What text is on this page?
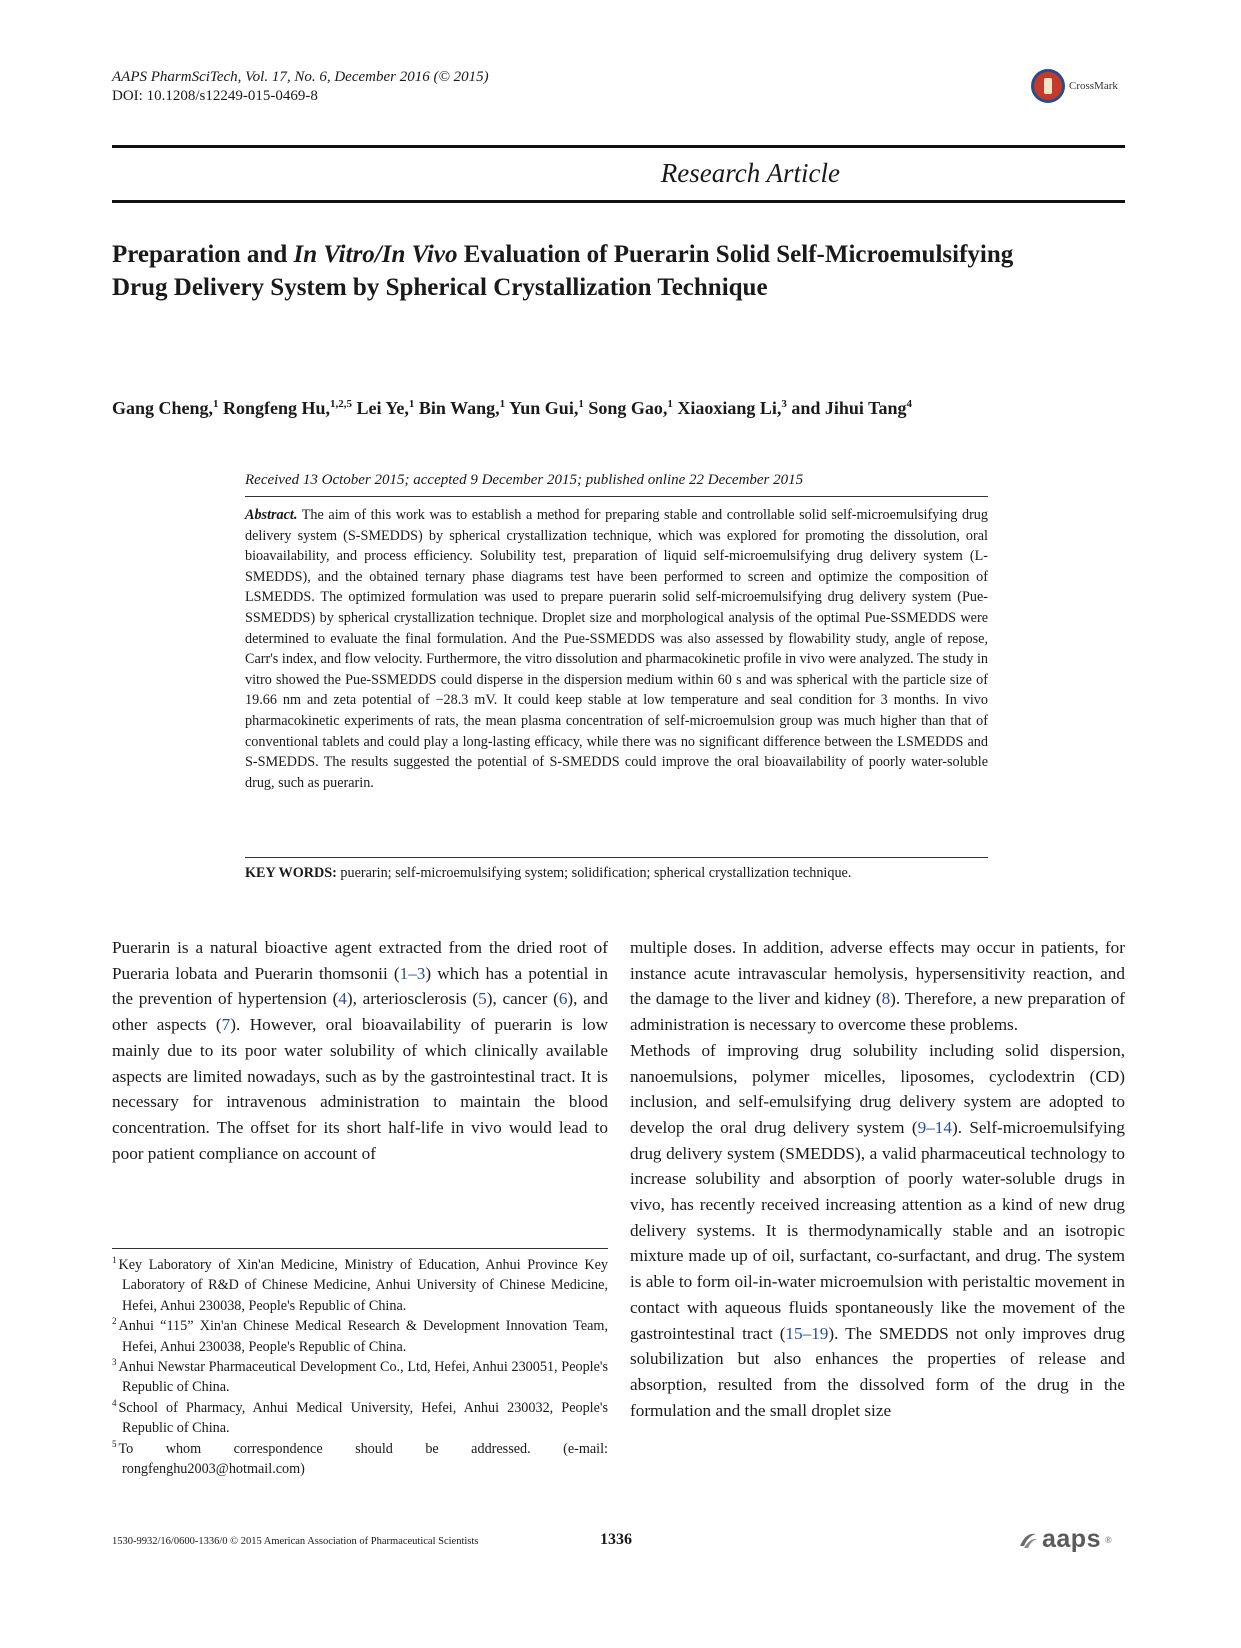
AAPS PharmSciTech, Vol. 17, No. 6, December 2016 (© 2015)
DOI: 10.1208/s12249-015-0469-8
CrossMark
Research Article
Preparation and In Vitro/In Vivo Evaluation of Puerarin Solid Self-Microemulsifying Drug Delivery System by Spherical Crystallization Technique
Gang Cheng,$^1$ Rongfeng Hu,$^{1,2,5}$ Lei Ye,$^1$ Bin Wang,$^1$ Yun Gui,$^1$ Song Gao,$^1$ Xiaoxiang Li,$^3$ and Jihui Tang$^4$
Received 13 October 2015; accepted 9 December 2015; published online 22 December 2015
Abstract. The aim of this work was to establish a method for preparing stable and controllable solid self-microemulsifying drug delivery system (S-SMEDDS) by spherical crystallization technique, which was explored for promoting the dissolution, oral bioavailability, and process efficiency. Solubility test, preparation of liquid self-microemulsifying drug delivery system (L-SMEDDS), and the obtained ternary phase diagrams test have been performed to screen and optimize the composition of LSMEDDS. The optimized formulation was used to prepare puerarin solid self-microemulsifying drug delivery system (Pue-SSMEDDS) by spherical crystallization technique. Droplet size and morphological analysis of the optimal Pue-SSMEDDS were determined to evaluate the final formulation. And the Pue-SSMEDDS was also assessed by flowability study, angle of repose, Carr's index, and flow velocity. Furthermore, the vitro dissolution and pharmacokinetic profile in vivo were analyzed. The study in vitro showed the Pue-SSMEDDS could disperse in the dispersion medium within 60 s and was spherical with the particle size of 19.66 nm and zeta potential of −28.3 mV. It could keep stable at low temperature and seal condition for 3 months. In vivo pharmacokinetic experiments of rats, the mean plasma concentration of self-microemulsion group was much higher than that of conventional tablets and could play a long-lasting efficacy, while there was no significant difference between the LSMEDDS and S-SMEDDS. The results suggested the potential of S-SMEDDS could improve the oral bioavailability of poorly water-soluble drug, such as puerarin.
KEY WORDS: puerarin; self-microemulsifying system; solidification; spherical crystallization technique.
Puerarin is a natural bioactive agent extracted from the dried root of Pueraria lobata and Puerarin thomsonii (1–3) which has a potential in the prevention of hypertension (4), arteriosclerosis (5), cancer (6), and other aspects (7). However, oral bioavailability of puerarin is low mainly due to its poor water solubility of which clinically available aspects are limited nowadays, such as by the gastrointestinal tract. It is necessary for intravenous administration to maintain the blood concentration. The offset for its short half-life in vivo would lead to poor patient compliance on account of
multiple doses. In addition, adverse effects may occur in patients, for instance acute intravascular hemolysis, hypersensitivity reaction, and the damage to the liver and kidney (8). Therefore, a new preparation of administration is necessary to overcome these problems.
Methods of improving drug solubility including solid dispersion, nanoemulsions, polymer micelles, liposomes, cyclodextrin (CD) inclusion, and self-emulsifying drug delivery system are adopted to develop the oral drug delivery system (9–14). Self-microemulsifying drug delivery system (SMEDDS), a valid pharmaceutical technology to increase solubility and absorption of poorly water-soluble drugs in vivo, has recently received increasing attention as a kind of new drug delivery systems. It is thermodynamically stable and an isotropic mixture made up of oil, surfactant, co-surfactant, and drug. The system is able to form oil-in-water microemulsion with peristaltic movement in contact with aqueous fluids spontaneously like the movement of the gastrointestinal tract (15–19). The SMEDDS not only improves drug solubilization but also enhances the properties of release and absorption, resulted from the dissolved form of the drug in the formulation and the small droplet size
$^1$ Key Laboratory of Xin'an Medicine, Ministry of Education, Anhui Province Key Laboratory of R&D of Chinese Medicine, Anhui University of Chinese Medicine, Hefei, Anhui 230038, People's Republic of China.
$^2$ Anhui “115” Xin'an Chinese Medical Research & Development Innovation Team, Hefei, Anhui 230038, People's Republic of China.
$^3$ Anhui Newstar Pharmaceutical Development Co., Ltd, Hefei, Anhui 230051, People's Republic of China.
$^4$ School of Pharmacy, Anhui Medical University, Hefei, Anhui 230032, People's Republic of China.
$^5$ To whom correspondence should be addressed. (e-mail: rongfenghu2003@hotmail.com)
1530-9932/16/0600-1336/0 © 2015 American Association of Pharmaceutical Scientists	1336	aaps ®
